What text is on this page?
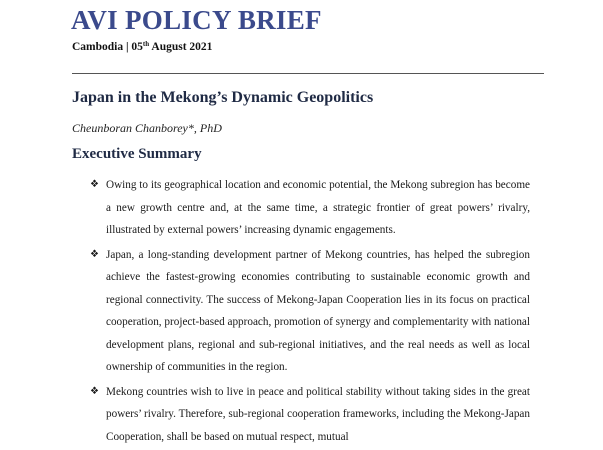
AVI POLICY BRIEF
Cambodia | 05th August 2021
Japan in the Mekong’s Dynamic Geopolitics
Cheunboran Chanborey*, PhD
Executive Summary
❖ Owing to its geographical location and economic potential, the Mekong subregion has become a new growth centre and, at the same time, a strategic frontier of great powers’ rivalry, illustrated by external powers’ increasing dynamic engagements.
❖ Japan, a long-standing development partner of Mekong countries, has helped the subregion achieve the fastest-growing economies contributing to sustainable economic growth and regional connectivity. The success of Mekong-Japan Cooperation lies in its focus on practical cooperation, project-based approach, promotion of synergy and complementarity with national development plans, regional and sub-regional initiatives, and the real needs as well as local ownership of communities in the region.
❖ Mekong countries wish to live in peace and political stability without taking sides in the great powers’ rivalry. Therefore, sub-regional cooperation frameworks, including the Mekong-Japan Cooperation, shall be based on mutual respect, mutual
